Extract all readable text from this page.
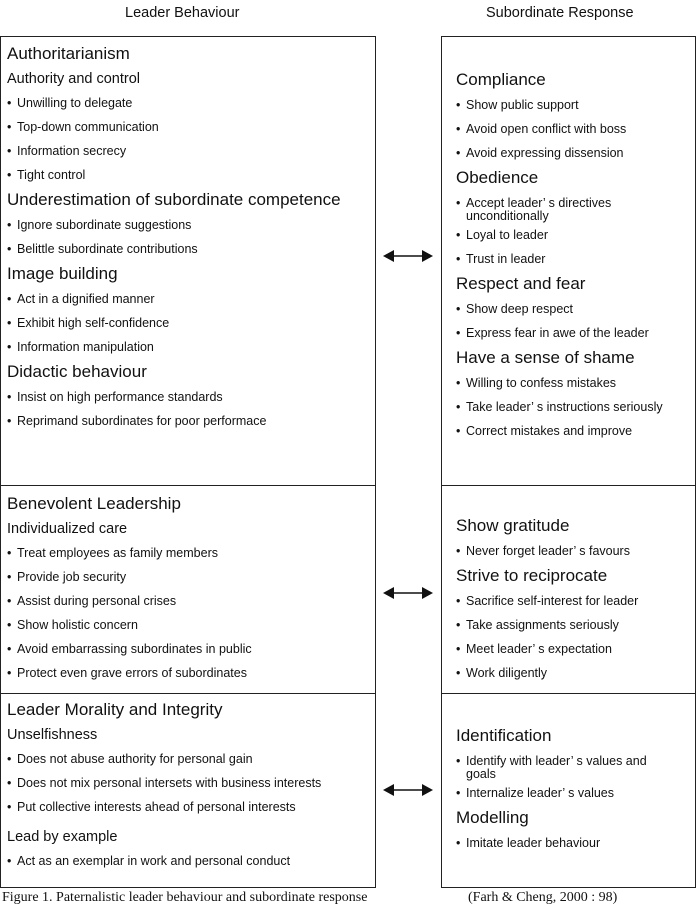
Leader Behaviour	Subordinate Response
Authoritarianism
Authority and control
• Unwilling to delegate
• Top-down communication
• Information secrecy
• Tight control
Underestimation of subordinate competence
• Ignore subordinate suggestions
• Belittle subordinate contributions
Image building
• Act in a dignified manner
• Exhibit high self-confidence
• Information manipulation
Didactic behaviour
• Insist on high performance standards
• Reprimand subordinates for poor performace
Benevolent Leadership
Individualized care
• Treat employees as family members
• Provide job security
• Assist during personal crises
• Show holistic concern
• Avoid embarrassing subordinates in public
• Protect even grave errors of subordinates
Leader Morality and Integrity
Unselfishness
• Does not abuse authority for personal gain
• Does not mix personal intersets with business interests
• Put collective interests ahead of personal interests
Lead by example
• Act as an exemplar in work and personal conduct
Compliance
• Show public support
• Avoid open conflict with boss
• Avoid expressing dissension
Obedience
• Accept leader’ s directives
unconditionally
• Loyal to leader
• Trust in leader
Respect and fear
• Show deep respect
• Express fear in awe of the leader
Have a sense of shame
• Willing to confess mistakes
• Take leader’ s instructions seriously
• Correct mistakes and improve
Show gratitude
• Never forget leader’ s favours
Strive to reciprocate
• Sacrifice self-interest for leader
• Take assignments seriously
• Meet leader’ s expectation
• Work diligently
Identification
• Identify with leader’ s values and
goals
• Internalize leader’ s values
Modelling
• Imitate leader behaviour
Figure 1. Paternalistic leader behaviour and subordinate response	(Farh & Cheng, 2000 : 98)
